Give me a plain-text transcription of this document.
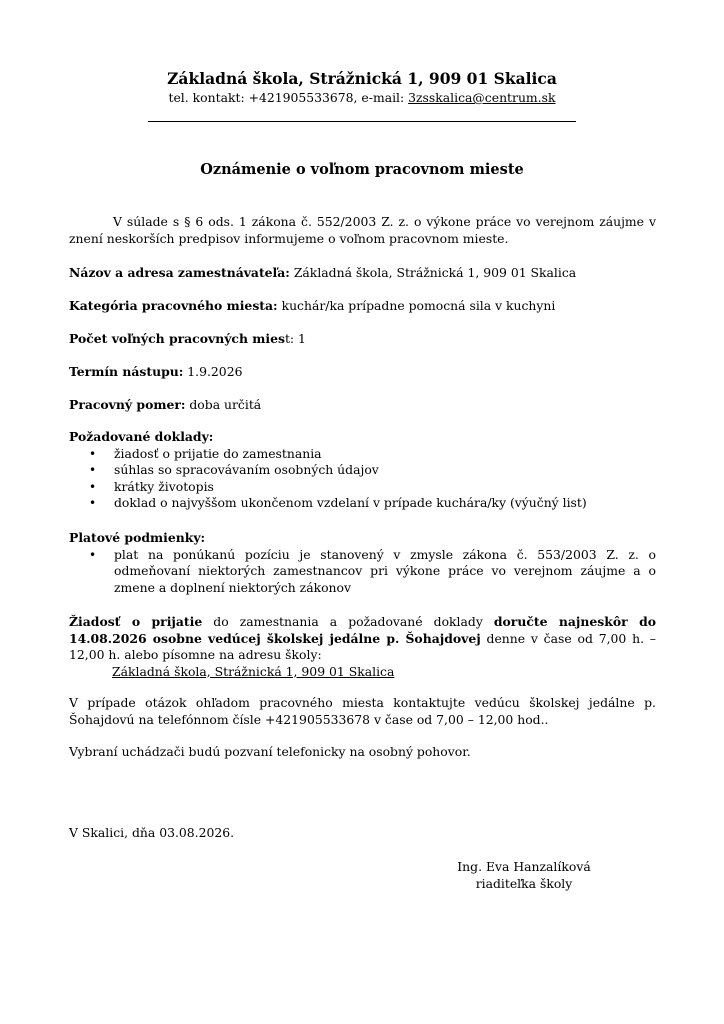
Základná škola, Strážnická 1, 909 01 Skalica
tel. kontakt: +421905533678, e-mail: 3zsskalica@centrum.sk
Oznámenie o voľnom pracovnom mieste
V súlade s § 6 ods. 1 zákona č. 552/2003 Z. z. o výkone práce vo verejnom záujme v znení neskorších predpisov informujeme o voľnom pracovnom mieste.
Názov a adresa zamestnávateľa: Základná škola, Strážnická 1, 909 01 Skalica
Kategória pracovného miesta: kuchár/ka prípadne pomocná sila v kuchyni
Počet voľných pracovných miest: 1
Termín nástupu: 1.9.2026
Pracovný pomer: doba určitá
Požadované doklady:
• žiadosť o prijatie do zamestnania
• súhlas so spracovávaním osobných údajov
• krátky životopis
• doklad o najvyššom ukončenom vzdelaní v prípade kuchára/ky (výučný list)
Platové podmienky:
• plat na ponúkanú pozíciu je stanovený v zmysle zákona č. 553/2003 Z. z. o odmeňovaní niektorých zamestnancov pri výkone práce vo verejnom záujme a o zmene a doplnení niektorých zákonov
Žiadosť o prijatie do zamestnania a požadované doklady doručte najneskôr do 14.08.2026 osobne vedúcej školskej jedálne p. Šohajdovej denne v čase od 7,00 h. – 12,00 h. alebo písomne na adresu školy:
Základná škola, Strážnická 1, 909 01 Skalica
V prípade otázok ohľadom pracovného miesta kontaktujte vedúcu školskej jedálne p. Šohajdovú na telefónnom čísle +421905533678 v čase od 7,00 – 12,00 hod..
Vybraní uchádzači budú pozvaní telefonicky na osobný pohovor.
V Skalici, dňa 03.08.2026.
Ing. Eva Hanzalíková
riaditeľka školy
